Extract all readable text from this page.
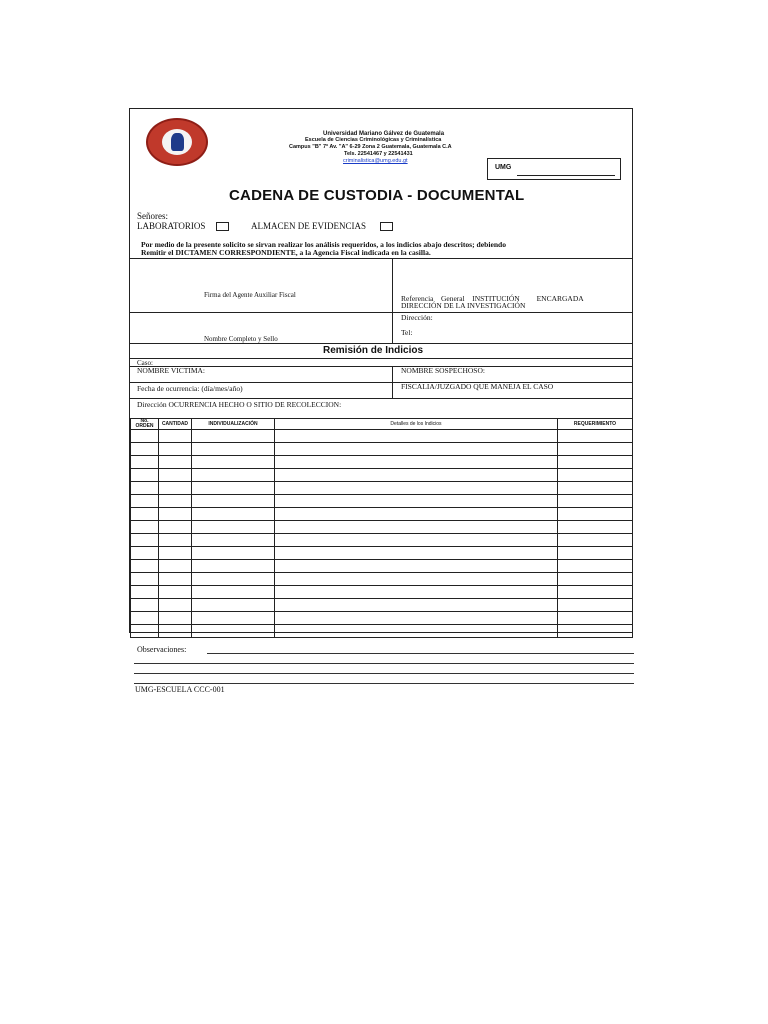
Universidad Mariano Gálvez de Guatemala
Escuela de Ciencias Criminológicas y Criminalística
Campus "B" 7ª Av. "A" 6-29 Zona 2 Guatemala, Guatemala C.A
Tels. 22541467 y 22541431
criminalistica@umg.edu.gt
UMG
CADENA DE CUSTODIA - DOCUMENTAL
Señores:
LABORATORIOS	ALMACEN DE EVIDENCIAS
Por medio de la presente solicito se sirvan realizar los análisis requeridos, a los indicios abajo descritos; debiendo
Remitir el DICTAMEN CORRESPONDIENTE, a la Agencia Fiscal indicada en la casilla.
Firma del Agente Auxiliar Fiscal
Nombre Completo y Sello
Referencia    General    INSTITUCIÓN         ENCARGADA
DIRECCIÓN DE LA INVESTIGACIÓN
Dirección:
Tel:
Remisión de Indicios
Caso:
NOMBRE VICTIMA:	NOMBRE SOSPECHOSO:
Fecha de ocurrencia: (día/mes/año)	FISCALIA/JUZGADO QUE MANEJA EL CASO
Dirección OCURRENCIA HECHO O SITIO DE RECOLECCION:
No. ORDEN	CANTIDAD	INDIVIDUALIZACIÓN	Detalles de los Indicios	REQUERIMIENTO

Observaciones:
UMG-ESCUELA CCC-001
